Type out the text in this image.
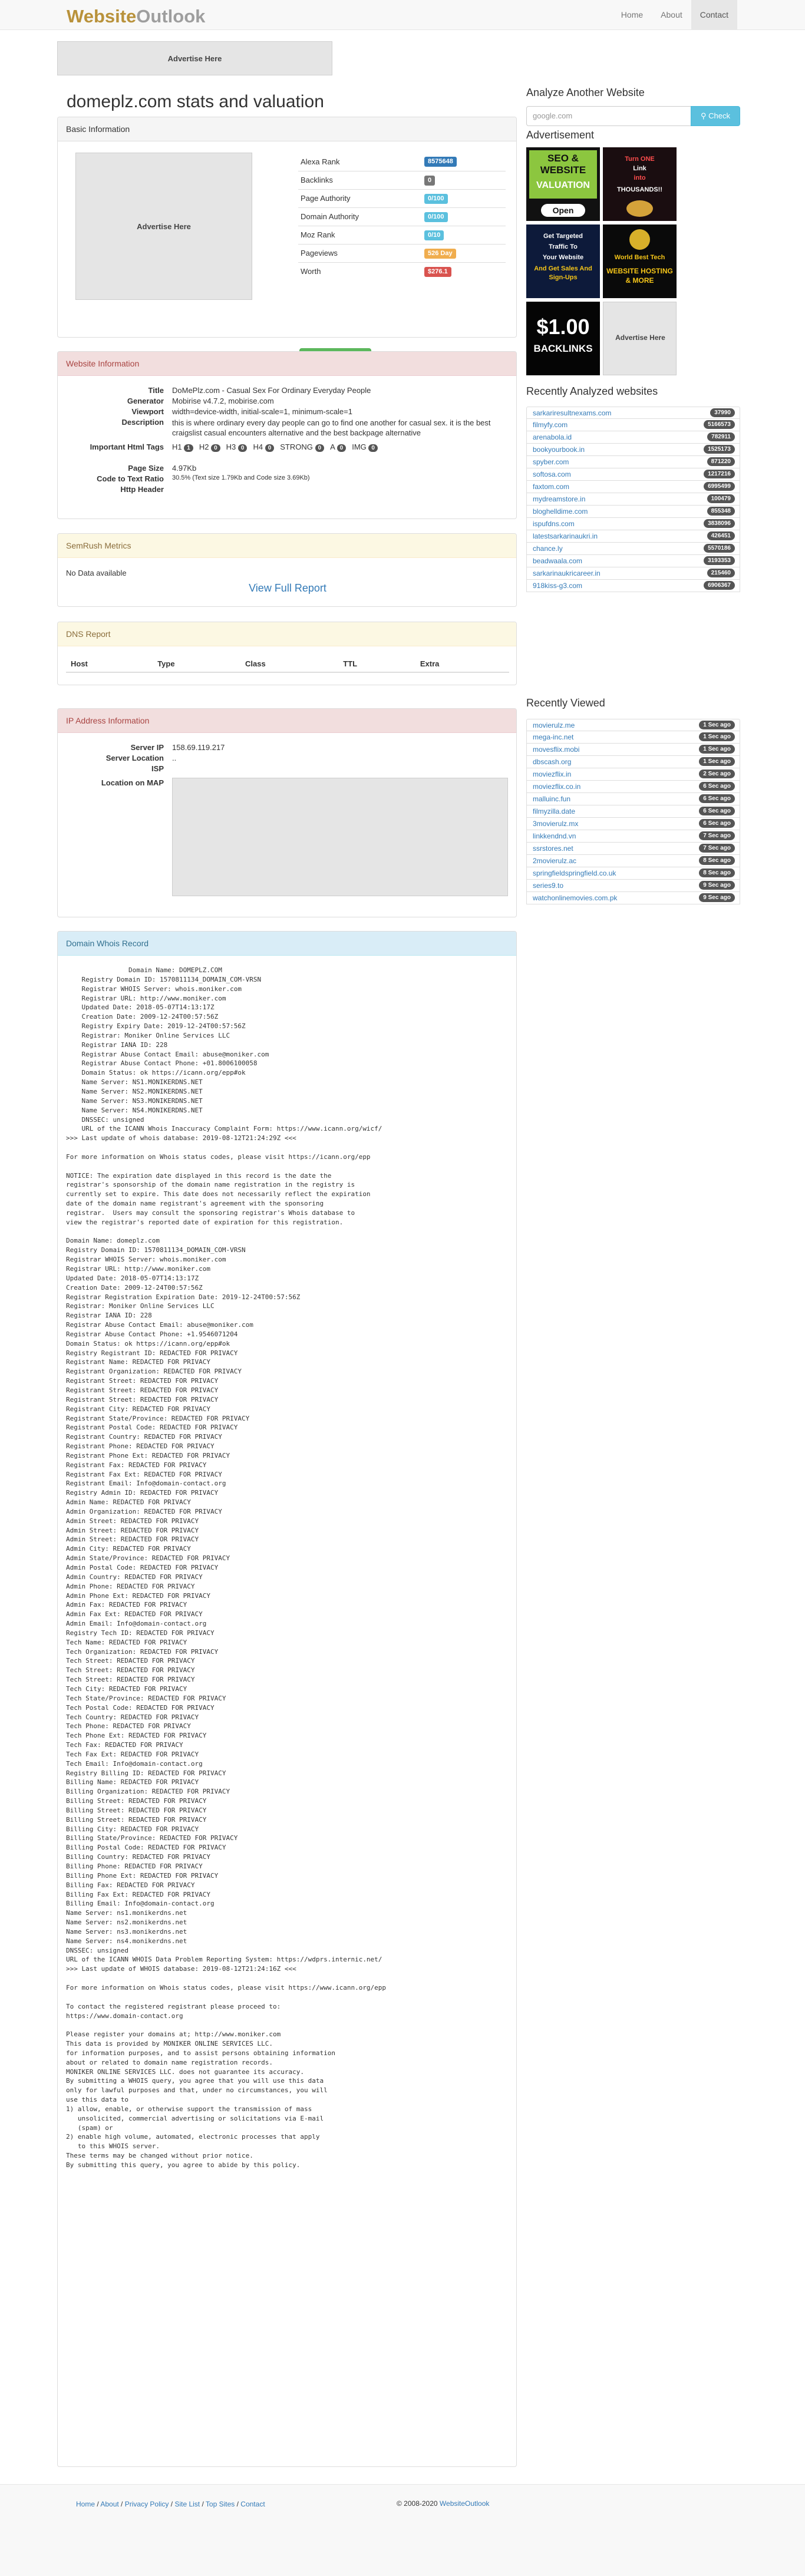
WebsiteOutlook	Home	About	Contact
Advertise Here
domeplz.com stats and valuation
Basic Information
Advertise Here
Alexa Rank	8575648
Backlinks	0
Page Authority	0/100
Domain Authority	0/100
Moz Rank	0/10
Pageviews	526 Day
Worth	$276.1
Website Information
Title DoMePlz.com - Casual Sex For Ordinary Everyday People
Generator Mobirise v4.7.2, mobirise.com
Viewport width=device-width, initial-scale=1, minimum-scale=1
Description this is where ordinary every day people can go to find one another for casual sex. it is the best craigslist casual encounters alternative and the best backpage alternative
Important Html Tags H1 1 H2 0 H3 0 H4 0 STRONG 0 A 0 IMG 0
Page Size 4.97Kb
Code to Text Ratio 30.5% (Text size 1.79Kb and Code size 3.69Kb)
Http Header
SemRush Metrics
No Data available
View Full Report
DNS Report
Host	Type	Class	TTL	Extra
IP Address Information
Server IP 158.69.119.217
Server Location ..
ISP
Location on MAP
Domain Whois Record
Domain Name: DOMEPLZ.COM
Registry Domain ID: 1570811134_DOMAIN_COM-VRSN
Registrar WHOIS Server: whois.moniker.com
Registrar URL: http://www.moniker.com
Updated Date: 2018-05-07T14:13:17Z
Creation Date: 2009-12-24T00:57:56Z
Registry Expiry Date: 2019-12-24T00:57:56Z
Registrar: Moniker Online Services LLC
Registrar IANA ID: 228
Registrar Abuse Contact Email: abuse@moniker.com
Registrar Abuse Contact Phone: +01.8006100058
Domain Status: ok https://icann.org/epp#ok
Name Server: NS1.MONIKERDNS.NET
Name Server: NS2.MONIKERDNS.NET
Name Server: NS3.MONIKERDNS.NET
Name Server: NS4.MONIKERDNS.NET
DNSSEC: unsigned
URL of the ICANN Whois Inaccuracy Complaint Form: https://www.icann.org/wicf/
>>> Last update of whois database: 2019-08-12T21:24:29Z <<<

For more information on Whois status codes, please visit https://icann.org/epp

NOTICE: The expiration date displayed in this record is the date the
registrar's sponsorship of the domain name registration in the registry is
currently set to expire. This date does not necessarily reflect the expiration
date of the domain name registrant's agreement with the sponsoring
registrar.  Users may consult the sponsoring registrar's Whois database to
view the registrar's reported date of expiration for this registration.

Domain Name: domeplz.com
Registry Domain ID: 1570811134_DOMAIN_COM-VRSN
Registrar WHOIS Server: whois.moniker.com
Registrar URL: http://www.moniker.com
Updated Date: 2018-05-07T14:13:17Z
Creation Date: 2009-12-24T00:57:56Z
Registrar Registration Expiration Date: 2019-12-24T00:57:56Z
Registrar: Moniker Online Services LLC
Registrar IANA ID: 228
Registrar Abuse Contact Email: abuse@moniker.com
Registrar Abuse Contact Phone: +1.9546071204
Domain Status: ok https://icann.org/epp#ok
Registry Registrant ID: REDACTED FOR PRIVACY
Registrant Name: REDACTED FOR PRIVACY
Registrant Organization: REDACTED FOR PRIVACY
Registrant Street: REDACTED FOR PRIVACY
Registrant Street: REDACTED FOR PRIVACY
Registrant Street: REDACTED FOR PRIVACY
Registrant City: REDACTED FOR PRIVACY
Registrant State/Province: REDACTED FOR PRIVACY
Registrant Postal Code: REDACTED FOR PRIVACY
Registrant Country: REDACTED FOR PRIVACY
Registrant Phone: REDACTED FOR PRIVACY
Registrant Phone Ext: REDACTED FOR PRIVACY
Registrant Fax: REDACTED FOR PRIVACY
Registrant Fax Ext: REDACTED FOR PRIVACY
Registrant Email: Info@domain-contact.org
Registry Admin ID: REDACTED FOR PRIVACY
Admin Name: REDACTED FOR PRIVACY
Admin Organization: REDACTED FOR PRIVACY
Admin Street: REDACTED FOR PRIVACY
Admin Street: REDACTED FOR PRIVACY
Admin Street: REDACTED FOR PRIVACY
Admin City: REDACTED FOR PRIVACY
Admin State/Province: REDACTED FOR PRIVACY
Admin Postal Code: REDACTED FOR PRIVACY
Admin Country: REDACTED FOR PRIVACY
Admin Phone: REDACTED FOR PRIVACY
Admin Phone Ext: REDACTED FOR PRIVACY
Admin Fax: REDACTED FOR PRIVACY
Admin Fax Ext: REDACTED FOR PRIVACY
Admin Email: Info@domain-contact.org
Registry Tech ID: REDACTED FOR PRIVACY
Tech Name: REDACTED FOR PRIVACY
Tech Organization: REDACTED FOR PRIVACY
Tech Street: REDACTED FOR PRIVACY
Tech Street: REDACTED FOR PRIVACY
Tech Street: REDACTED FOR PRIVACY
Tech City: REDACTED FOR PRIVACY
Tech State/Province: REDACTED FOR PRIVACY
Tech Postal Code: REDACTED FOR PRIVACY
Tech Country: REDACTED FOR PRIVACY
Tech Phone: REDACTED FOR PRIVACY
Tech Phone Ext: REDACTED FOR PRIVACY
Tech Fax: REDACTED FOR PRIVACY
Tech Fax Ext: REDACTED FOR PRIVACY
Tech Email: Info@domain-contact.org
Registry Billing ID: REDACTED FOR PRIVACY
Billing Name: REDACTED FOR PRIVACY
Billing Organization: REDACTED FOR PRIVACY
Billing Street: REDACTED FOR PRIVACY
Billing Street: REDACTED FOR PRIVACY
Billing Street: REDACTED FOR PRIVACY
Billing City: REDACTED FOR PRIVACY
Billing State/Province: REDACTED FOR PRIVACY
Billing Postal Code: REDACTED FOR PRIVACY
Billing Country: REDACTED FOR PRIVACY
Billing Phone: REDACTED FOR PRIVACY
Billing Phone Ext: REDACTED FOR PRIVACY
Billing Fax: REDACTED FOR PRIVACY
Billing Fax Ext: REDACTED FOR PRIVACY
Billing Email: Info@domain-contact.org
Name Server: ns1.monikerdns.net
Name Server: ns2.monikerdns.net
Name Server: ns3.monikerdns.net
Name Server: ns4.monikerdns.net
DNSSEC: unsigned
URL of the ICANN WHOIS Data Problem Reporting System: https://wdprs.internic.net/
>>> Last update of WHOIS database: 2019-08-12T21:24:16Z <<<

For more information on Whois status codes, please visit https://www.icann.org/epp

To contact the registered registrant please proceed to:
https://www.domain-contact.org

Please register your domains at; http://www.moniker.com
This data is provided by MONIKER ONLINE SERVICES LLC.
for information purposes, and to assist persons obtaining information
about or related to domain name registration records.
MONIKER ONLINE SERVICES LLC. does not guarantee its accuracy.
By submitting a WHOIS query, you agree that you will use this data
only for lawful purposes and that, under no circumstances, you will
use this data to
1) allow, enable, or otherwise support the transmission of mass
unsolicited, commercial advertising or solicitations via E-mail
(spam) or
2) enable high volume, automated, electronic processes that apply
to this WHOIS server.
These terms may be changed without prior notice.
By submitting this query, you agree to abide by this policy.
Analyze Another Website
google.com	⚲ Check
Advertisement
SEO &
WEBSITE
VALUATION
Open
Turn ONE
Link
into
THOUSANDS!!
Get Targeted
Traffic To
Your Website
And Get Sales And Sign-Ups
World Best Tech
WEBSITE HOSTING
& MORE
$1.00
BACKLINKS
Advertise Here
Recently Analyzed websites
sarkariresultnexams.com	37990
filmyfy.com	5166573
arenabola.id	782911
bookyourbook.in	1525173
spyber.com	871220
softosa.com	1217216
faxtom.com	6995499
mydreamstore.in	100479
bloghelldime.com	855348
ispufdns.com	3838096
latestsarkarinaukri.in	426451
chance.ly	5570186
beadwaala.com	3193353
sarkarinaukricareer.in	215460
918kiss-g3.com	6906367
Recently Viewed
movierulz.me	1 Sec ago
mega-inc.net	1 Sec ago
movesflix.mobi	1 Sec ago
dbscash.org	1 Sec ago
moviezflix.in	2 Sec ago
moviezflix.co.in	6 Sec ago
malluinc.fun	6 Sec ago
filmyzilla.date	6 Sec ago
3movierulz.mx	6 Sec ago
linkkendnd.vn	7 Sec ago
ssrstores.net	7 Sec ago
2movierulz.ac	8 Sec ago
springfieldspringfield.co.uk	8 Sec ago
series9.to	9 Sec ago
watchonlinemovies.com.pk	9 Sec ago
Home / About / Privacy Policy / Site List / Top Sites / Contact	© 2008-2020 WebsiteOutlook
